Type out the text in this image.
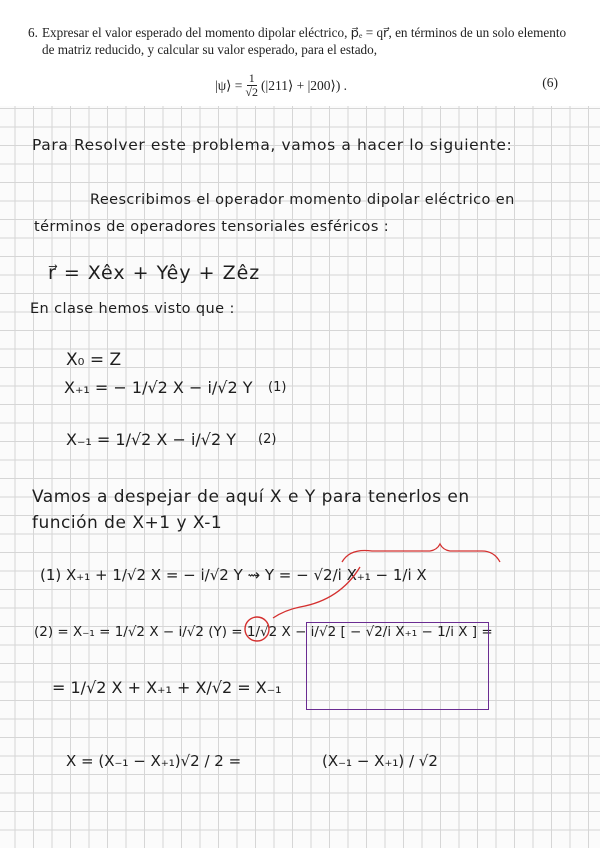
6. Expresar el valor esperado del momento dipolar eléctrico, p⃗ₑ = qr⃗, en términos de un solo elemento de matriz reducido, y calcular su valor esperado, para el estado,
|ψ⟩ = $\frac{1}{√2}$ (|211⟩ + |200⟩) .	(6)
Para Resolver este problema, vamos a hacer lo siguiente:
Reescribimos el operador momento dipolar eléctrico en
términos de operadores tensoriales esféricos :
r⃗ = Xêx + Yêy + Zêz
En clase hemos visto que :
X₀ = Z
X₊₁ = − 1/√2 X − i/√2 Y (1)
X₋₁ = 1/√2 X − i/√2 Y (2)
Vamos a despejar de aquí X e Y para tenerlos en
función de X+1 y X-1
(1) X₊₁ + 1/√2 X = − i/√2 Y ⇝ Y = − √2/i X₊₁ − 1/i X
(2) = X₋₁ = 1/√2 X − i/√2 (Y) = 1/√2 X − i/√2 [ − √2/i X₊₁ − 1/i X ] =
= 1/√2 X + X₊₁ + X/√2 = X₋₁
X = (X₋₁ − X₊₁)√2 / 2 =	(X₋₁ − X₊₁) / √2
